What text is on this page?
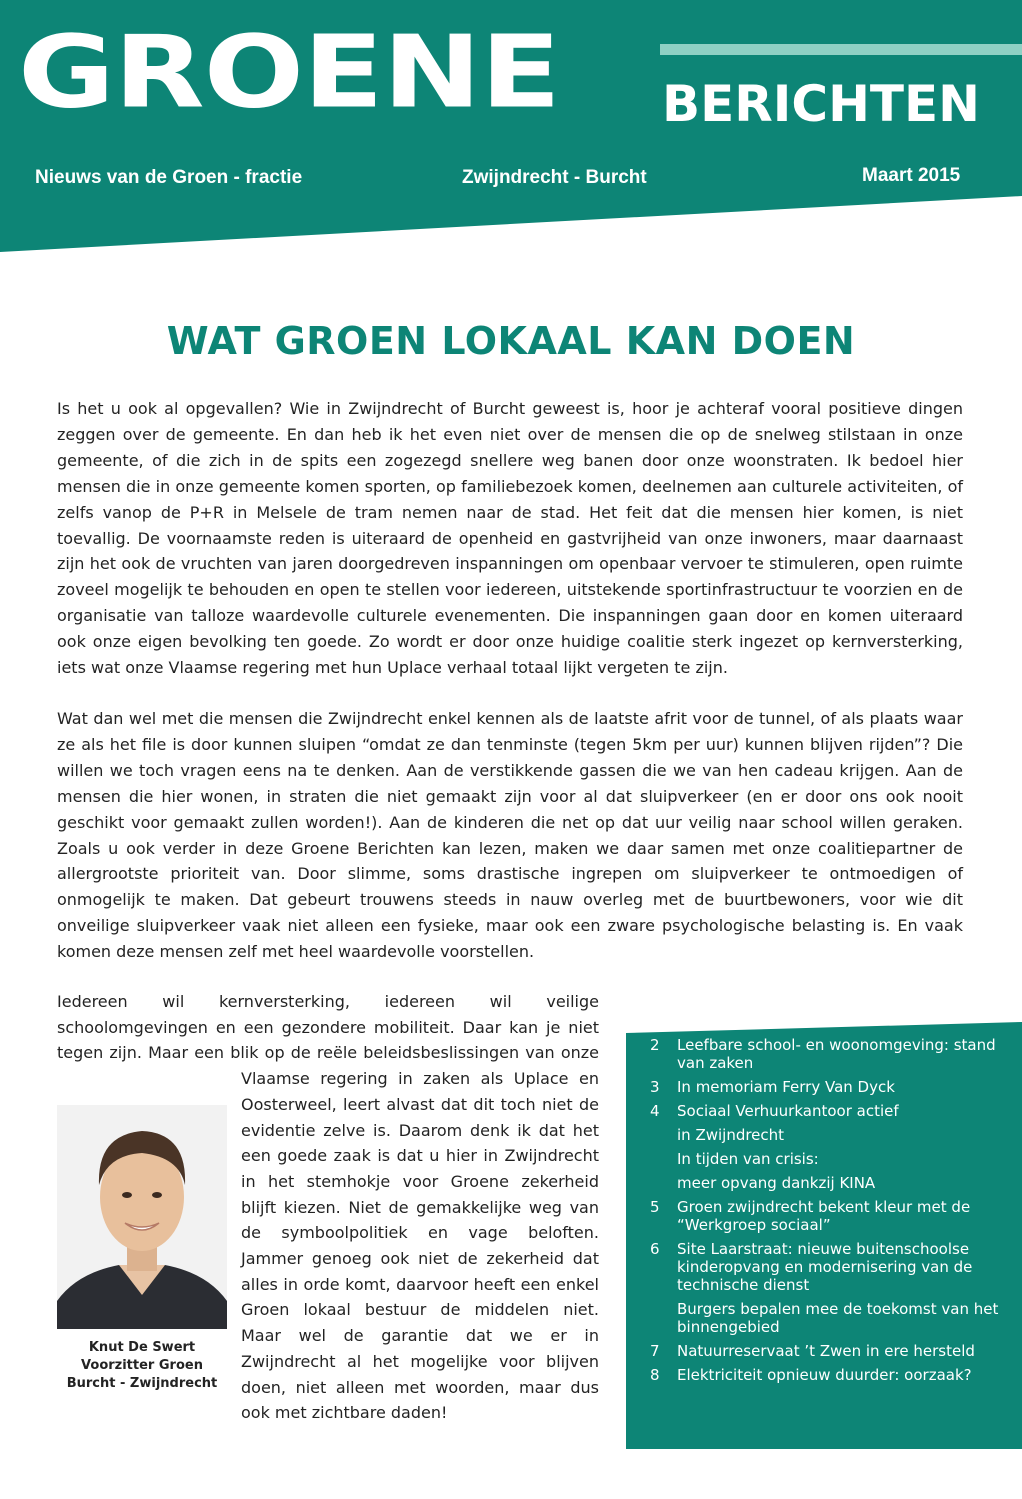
GROENE BERICHTEN
Nieuws van de Groen - fractie	Zwijndrecht - Burcht	Maart 2015
WAT GROEN LOKAAL KAN DOEN

Is het u ook al opgevallen? Wie in Zwijndrecht of Burcht geweest is, hoor je achteraf vooral positieve dingen zeggen over de gemeente. En dan heb ik het even niet over de mensen die op de snelweg stilstaan in onze gemeente, of die zich in de spits een zogezegd snellere weg banen door onze woonstraten. Ik bedoel hier mensen die in onze gemeente komen sporten, op familiebezoek komen, deelnemen aan culturele activiteiten, of zelfs vanop de P+R in Melsele de tram nemen naar de stad. Het feit dat die mensen hier komen, is niet toevallig. De voornaamste reden is uiteraard de openheid en gastvrijheid van onze inwoners, maar daarnaast zijn het ook de vruchten van jaren doorgedreven inspanningen om openbaar vervoer te stimuleren, open ruimte zoveel mogelijk te behouden en open te stellen voor iedereen, uitstekende sportinfrastructuur te voorzien en de organisatie van talloze waardevolle culturele evenementen. Die inspanningen gaan door en komen uiteraard ook onze eigen bevolking ten goede. Zo wordt er door onze huidige coalitie sterk ingezet op kernversterking, iets wat onze Vlaamse regering met hun Uplace verhaal totaal lijkt vergeten te zijn.

Wat dan wel met die mensen die Zwijndrecht enkel kennen als de laatste afrit voor de tunnel, of als plaats waar ze als het file is door kunnen sluipen “omdat ze dan tenminste (tegen 5km per uur) kunnen blijven rijden”? Die willen we toch vragen eens na te denken. Aan de verstikkende gassen die we van hen cadeau krijgen. Aan de mensen die hier wonen, in straten die niet gemaakt zijn voor al dat sluipverkeer (en er door ons ook nooit geschikt voor gemaakt zullen worden!). Aan de kinderen die net op dat uur veilig naar school willen geraken. Zoals u ook verder in deze Groene Berichten kan lezen, maken we daar samen met onze coalitiepartner de allergrootste prioriteit van. Door slimme, soms drastische ingrepen om sluipverkeer te ontmoedigen of onmogelijk te maken. Dat gebeurt trouwens steeds in nauw overleg met de buurtbewoners, voor wie dit onveilige sluipverkeer vaak niet alleen een fysieke, maar ook een zware psychologische belasting is. En vaak komen deze mensen zelf met heel waardevolle voorstellen.

Iedereen wil kernversterking, iedereen wil veilige schoolomgevingen en een gezondere mobiliteit. Daar kan je niet tegen zijn. Maar een blik op de reële beleidsbeslissingen van onze Vlaamse regering in zaken als Uplace en Oosterweel, leert alvast dat dit toch niet de evidentie zelve is. Daarom denk ik dat het een goede zaak is dat u hier in Zwijndrecht in het stemhokje voor Groene zekerheid blijft kiezen. Niet de gemakkelijke weg van de symboolpolitiek en vage beloften. Jammer genoeg ook niet de zekerheid dat alles in orde komt, daarvoor heeft een enkel Groen lokaal bestuur de middelen niet. Maar wel de garantie dat we er in Zwijndrecht al het mogelijke voor blijven doen, niet alleen met woorden, maar dus ook met zichtbare daden!
Knut De Swert
Voorzitter Groen
Burcht - Zwijndrecht
2 Leefbare school- en woonomgeving: stand van zaken
3 In memoriam Ferry Van Dyck
4 Sociaal Verhuurkantoor actief
in Zwijndrecht
In tijden van crisis:
meer opvang dankzij KINA
5 Groen zwijndrecht bekent kleur met de “Werkgroep sociaal”
6 Site Laarstraat: nieuwe buitenschoolse kinderopvang en modernisering van de technische dienst
Burgers bepalen mee de toekomst van het binnengebied
7 Natuurreservaat ’t Zwen in ere hersteld
8 Elektriciteit opnieuw duurder: oorzaak?
